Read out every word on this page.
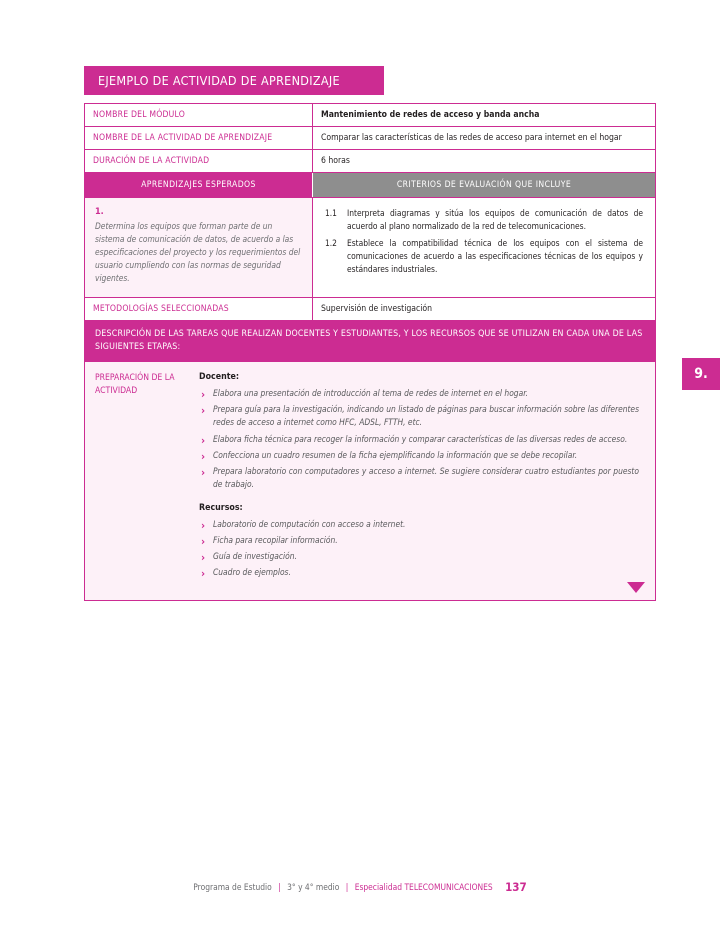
EJEMPLO DE ACTIVIDAD DE APRENDIZAJE
NOMBRE DEL MÓDULO	Mantenimiento de redes de acceso y banda ancha
NOMBRE DE LA ACTIVIDAD DE APRENDIZAJE	Comparar las características de las redes de acceso para internet en el hogar
DURACIÓN DE LA ACTIVIDAD	6 horas
APRENDIZAJES ESPERADOS	CRITERIOS DE EVALUACIÓN QUE INCLUYE
1.
Determina los equipos que forman parte de un sistema de comunicación de datos, de acuerdo a las especificaciones del proyecto y los requerimientos del usuario cumpliendo con las normas de seguridad vigentes.
1.1	Interpreta diagramas y sitúa los equipos de comunicación de datos de acuerdo al plano normalizado de la red de telecomunicaciones.
1.2	Establece la compatibilidad técnica de los equipos con el sistema de comunicaciones de acuerdo a las especificaciones técnicas de los equipos y estándares industriales.
METODOLOGÍAS SELECCIONADAS	Supervisión de investigación
DESCRIPCIÓN DE LAS TAREAS QUE REALIZAN DOCENTES Y ESTUDIANTES, Y LOS RECURSOS QUE SE UTILIZAN EN CADA UNA DE LAS SIGUIENTES ETAPAS:
PREPARACIÓN DE LA ACTIVIDAD
Docente:
› Elabora una presentación de introducción al tema de redes de internet en el hogar.
› Prepara guía para la investigación, indicando un listado de páginas para buscar información sobre las diferentes redes de acceso a internet como HFC, ADSL, FTTH, etc.
› Elabora ficha técnica para recoger la información y comparar características de las diversas redes de acceso.
› Confecciona un cuadro resumen de la ficha ejemplificando la información que se debe recopilar.
› Prepara laboratorio con computadores y acceso a internet. Se sugiere considerar cuatro estudiantes por puesto de trabajo.
Recursos:
› Laboratorio de computación con acceso a internet.
› Ficha para recopilar información.
› Guía de investigación.
› Cuadro de ejemplos.
9.
Programa de Estudio | 3° y 4° medio | Especialidad TELECOMUNICACIONES 137
